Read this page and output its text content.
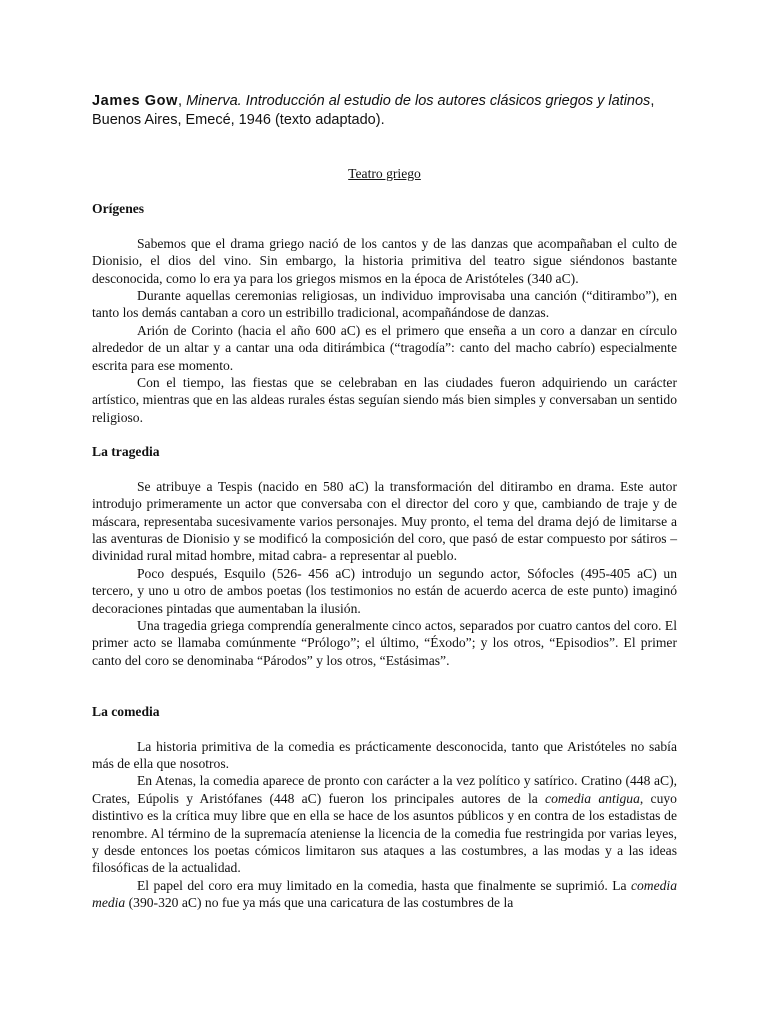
James Gow, Minerva. Introducción al estudio de los autores clásicos griegos y latinos, Buenos Aires, Emecé, 1946 (texto adaptado).
Teatro griego
Orígenes

Sabemos que el drama griego nació de los cantos y de las danzas que acompañaban el culto de Dionisio, el dios del vino. Sin embargo, la historia primitiva del teatro sigue siéndonos bastante desconocida, como lo era ya para los griegos mismos en la época de Aristóteles (340 aC).

Durante aquellas ceremonias religiosas, un individuo improvisaba una canción (“ditirambo”), en tanto los demás cantaban a coro un estribillo tradicional, acompañándose de danzas.

Arión de Corinto (hacia el año 600 aC) es el primero que enseña a un coro a danzar en círculo alrededor de un altar y a cantar una oda ditirámbica (“tragodía”: canto del macho cabrío) especialmente escrita para ese momento.

Con el tiempo, las fiestas que se celebraban en las ciudades fueron adquiriendo un carácter artístico, mientras que en las aldeas rurales éstas seguían siendo más bien simples y conversaban un sentido religioso.

La tragedia

Se atribuye a Tespis (nacido en 580 aC) la transformación del ditirambo en drama. Este autor introdujo primeramente un actor que conversaba con el director del coro y que, cambiando de traje y de máscara, representaba sucesivamente varios personajes. Muy pronto, el tema del drama dejó de limitarse a las aventuras de Dionisio y se modificó la composición del coro, que pasó de estar compuesto por sátiros –divinidad rural mitad hombre, mitad cabra- a representar al pueblo.

Poco después, Esquilo (526- 456 aC) introdujo un segundo actor, Sófocles (495-405 aC) un tercero, y uno u otro de ambos poetas (los testimonios no están de acuerdo acerca de este punto) imaginó decoraciones pintadas que aumentaban la ilusión.

Una tragedia griega comprendía generalmente cinco actos, separados por cuatro cantos del coro. El primer acto se llamaba comúnmente “Prólogo”; el último, “Éxodo”; y los otros, “Episodios”. El primer canto del coro se denominaba “Párodos” y los otros, “Estásimas”.

La comedia

La historia primitiva de la comedia es prácticamente desconocida, tanto que Aristóteles no sabía más de ella que nosotros.

En Atenas, la comedia aparece de pronto con carácter a la vez político y satírico. Cratino (448 aC), Crates, Eúpolis y Aristófanes (448 aC) fueron los principales autores de la comedia antigua, cuyo distintivo es la crítica muy libre que en ella se hace de los asuntos públicos y en contra de los estadistas de renombre. Al término de la supremacía ateniense la licencia de la comedia fue restringida por varias leyes, y desde entonces los poetas cómicos limitaron sus ataques a las costumbres, a las modas y a las ideas filosóficas de la actualidad.

El papel del coro era muy limitado en la comedia, hasta que finalmente se suprimió. La comedia media (390-320 aC) no fue ya más que una caricatura de las costumbres de la
